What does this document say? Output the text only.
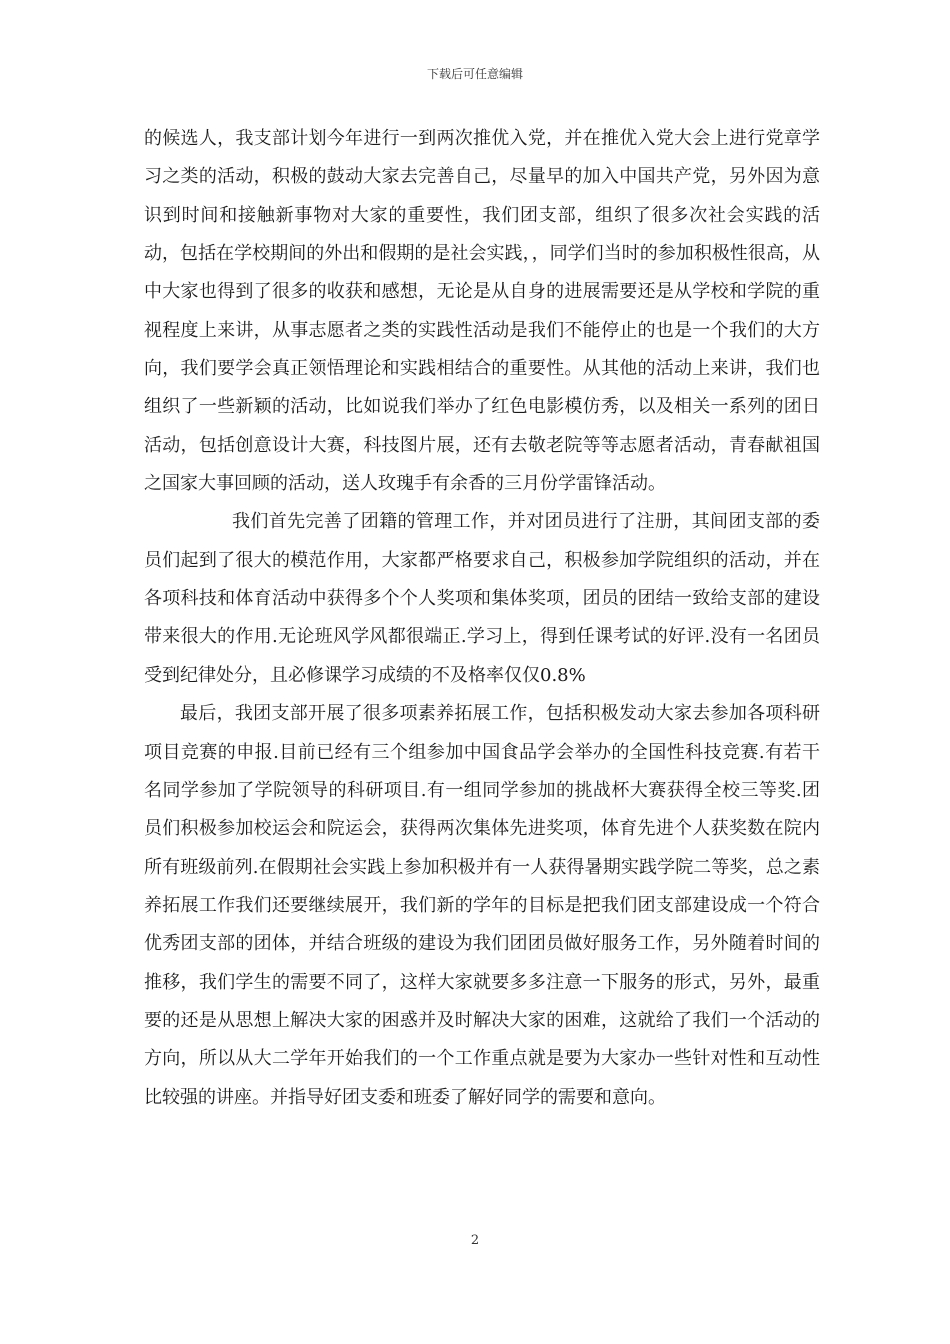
下载后可任意编辑

的候选人，我支部计划今年进行一到两次推优入党，并在推优入党大会上进行党章学习之类的活动，积极的鼓动大家去完善自己，尽量早的加入中国共产党，另外因为意识到时间和接触新事物对大家的重要性，我们团支部，组织了很多次社会实践的活动，包括在学校期间的外出和假期的是社会实践，，同学们当时的参加积极性很高，从中大家也得到了很多的收获和感想，无论是从自身的进展需要还是从学校和学院的重视程度上来讲，从事志愿者之类的实践性活动是我们不能停止的也是一个我们的大方向，我们要学会真正领悟理论和实践相结合的重要性。从其他的活动上来讲，我们也组织了一些新颖的活动，比如说我们举办了红色电影模仿秀，以及相关一系列的团日活动，包括创意设计大赛，科技图片展，还有去敬老院等等志愿者活动，青春献祖国之国家大事回顾的活动，送人玫瑰手有余香的三月份学雷锋活动。

我们首先完善了团籍的管理工作，并对团员进行了注册，其间团支部的委员们起到了很大的模范作用，大家都严格要求自己，积极参加学院组织的活动，并在各项科技和体育活动中获得多个个人奖项和集体奖项，团员的团结一致给支部的建设带来很大的作用.无论班风学风都很端正.学习上，得到任课考试的好评.没有一名团员受到纪律处分，且必修课学习成绩的不及格率仅仅0.8%

最后，我团支部开展了很多项素养拓展工作，包括积极发动大家去参加各项科研项目竞赛的申报.目前已经有三个组参加中国食品学会举办的全国性科技竞赛.有若干名同学参加了学院领导的科研项目.有一组同学参加的挑战杯大赛获得全校三等奖.团员们积极参加校运会和院运会，获得两次集体先进奖项，体育先进个人获奖数在院内所有班级前列.在假期社会实践上参加积极并有一人获得暑期实践学院二等奖，总之素养拓展工作我们还要继续展开，我们新的学年的目标是把我们团支部建设成一个符合优秀团支部的团体，并结合班级的建设为我们团团员做好服务工作，另外随着时间的推移，我们学生的需要不同了，这样大家就要多多注意一下服务的形式，另外，最重要的还是从思想上解决大家的困惑并及时解决大家的困难，这就给了我们一个活动的方向，所以从大二学年开始我们的一个工作重点就是要为大家办一些针对性和互动性比较强的讲座。并指导好团支委和班委了解好同学的需要和意向。

2
